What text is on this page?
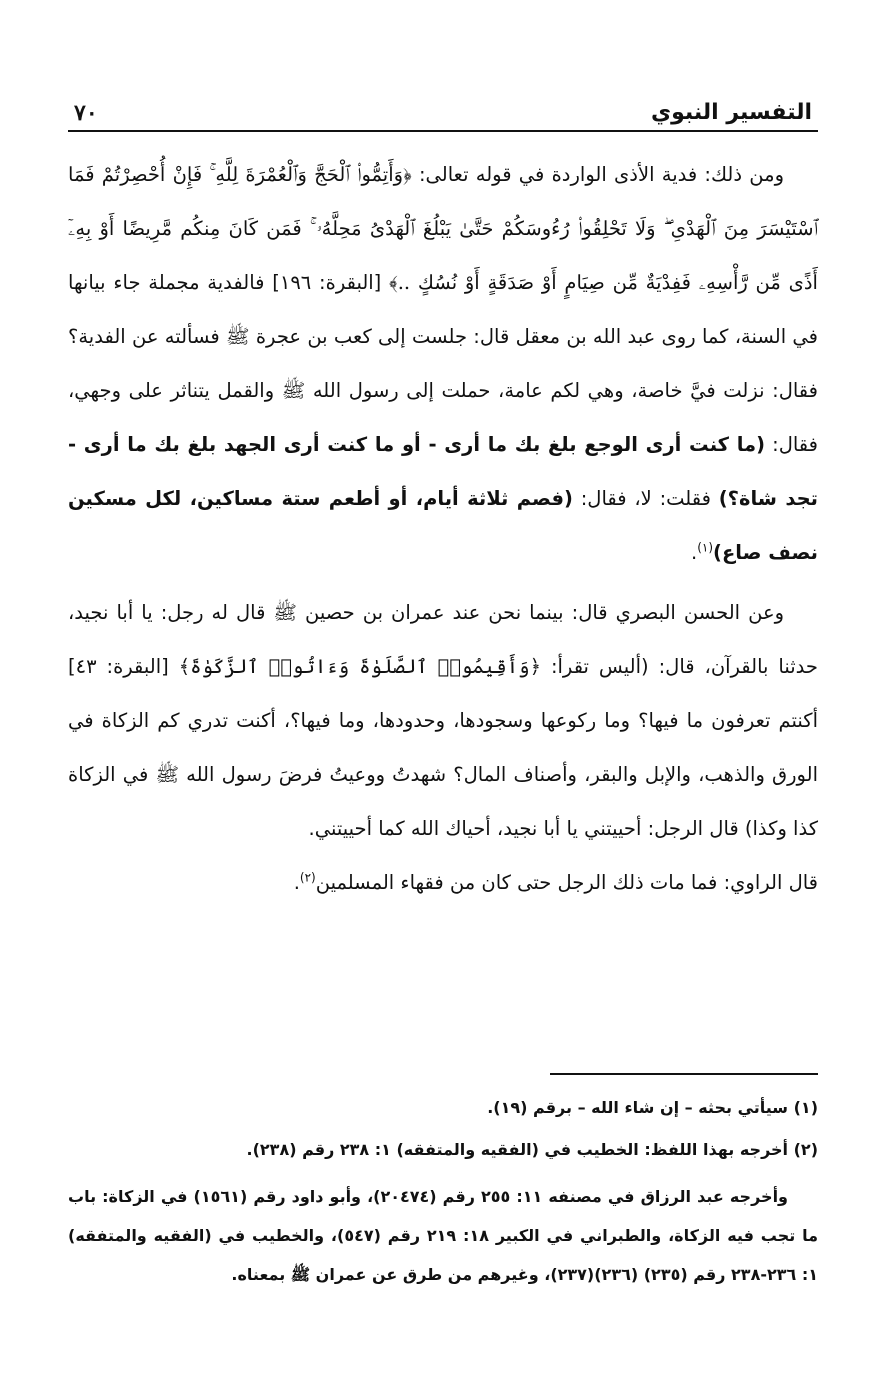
٧٠	التفسير النبوي

ومن ذلك: فدية الأذى الواردة في قوله تعالى: ﴿وَأَتِمُّوا۟ ٱلْحَجَّ وَٱلْعُمْرَةَ لِلَّهِ ۚ فَإِنْ أُحْصِرْتُمْ فَمَا ٱسْتَيْسَرَ مِنَ ٱلْهَدْىِ ۖ وَلَا تَحْلِقُوا۟ رُءُوسَكُمْ حَتَّىٰ يَبْلُغَ ٱلْهَدْىُ مَحِلَّهُۥ ۚ فَمَن كَانَ مِنكُم مَّرِيضًا أَوْ بِهِۦٓ أَذًى مِّن رَّأْسِهِۦ فَفِدْيَةٌ مِّن صِيَامٍ أَوْ صَدَقَةٍ أَوْ نُسُكٍ ..﴾ [البقرة: ١٩٦] فالفدية مجملة جاء بيانها في السنة، كما روى عبد الله بن معقل قال: جلست إلى كعب بن عجرة ﷺ فسألته عن الفدية؟ فقال: نزلت فيَّ خاصة، وهي لكم عامة، حملت إلى رسول الله ﷺ والقمل يتناثر على وجهي، فقال: (ما كنت أرى الوجع بلغ بك ما أرى - أو ما كنت أرى الجهد بلغ بك ما أرى - تجد شاة؟) فقلت: لا، فقال: (فصم ثلاثة أيام، أو أطعم ستة مساكين، لكل مسكين نصف صاع)$^{(١)}$.

وعن الحسن البصري قال: بينما نحن عند عمران بن حصين ﷺ قال له رجل: يا أبا نجيد، حدثنا بالقرآن، قال: (أليس تقرأ: ﴿وَأَقِيمُوا۟ ٱلصَّلَوٰةَ وَءَاتُوا۟ ٱلزَّكَوٰةَ﴾ [البقرة: ٤٣] أكنتم تعرفون ما فيها؟ وما ركوعها وسجودها، وحدودها، وما فيها؟، أكنت تدري كم الزكاة في الورق والذهب، والإبل والبقر، وأصناف المال؟ شهدتُ ووعيتُ فرضَ رسول الله ﷺ في الزكاة كذا وكذا) قال الرجل: أحييتني يا أبا نجيد، أحياك الله كما أحييتني.
قال الراوي: فما مات ذلك الرجل حتى كان من فقهاء المسلمين$^{(٢)}$.

(١) سيأتي بحثه – إن شاء الله – برقم (١٩).

(٢) أخرجه بهذا اللفظ: الخطيب في (الفقيه والمتفقه) ١: ٢٣٨ رقم (٢٣٨).

وأخرجه عبد الرزاق في مصنفه ١١: ٢٥٥ رقم (٢٠٤٧٤)، وأبو داود رقم (١٥٦١) في الزكاة: باب ما تجب فيه الزكاة، والطبراني في الكبير ١٨: ٢١٩ رقم (٥٤٧)، والخطيب في (الفقيه والمتفقه) ١: ٢٣٦-٢٣٨ رقم (٢٣٥) (٢٣٦)(٢٣٧)، وغيرهم من طرق عن عمران ﷺ بمعناه.
